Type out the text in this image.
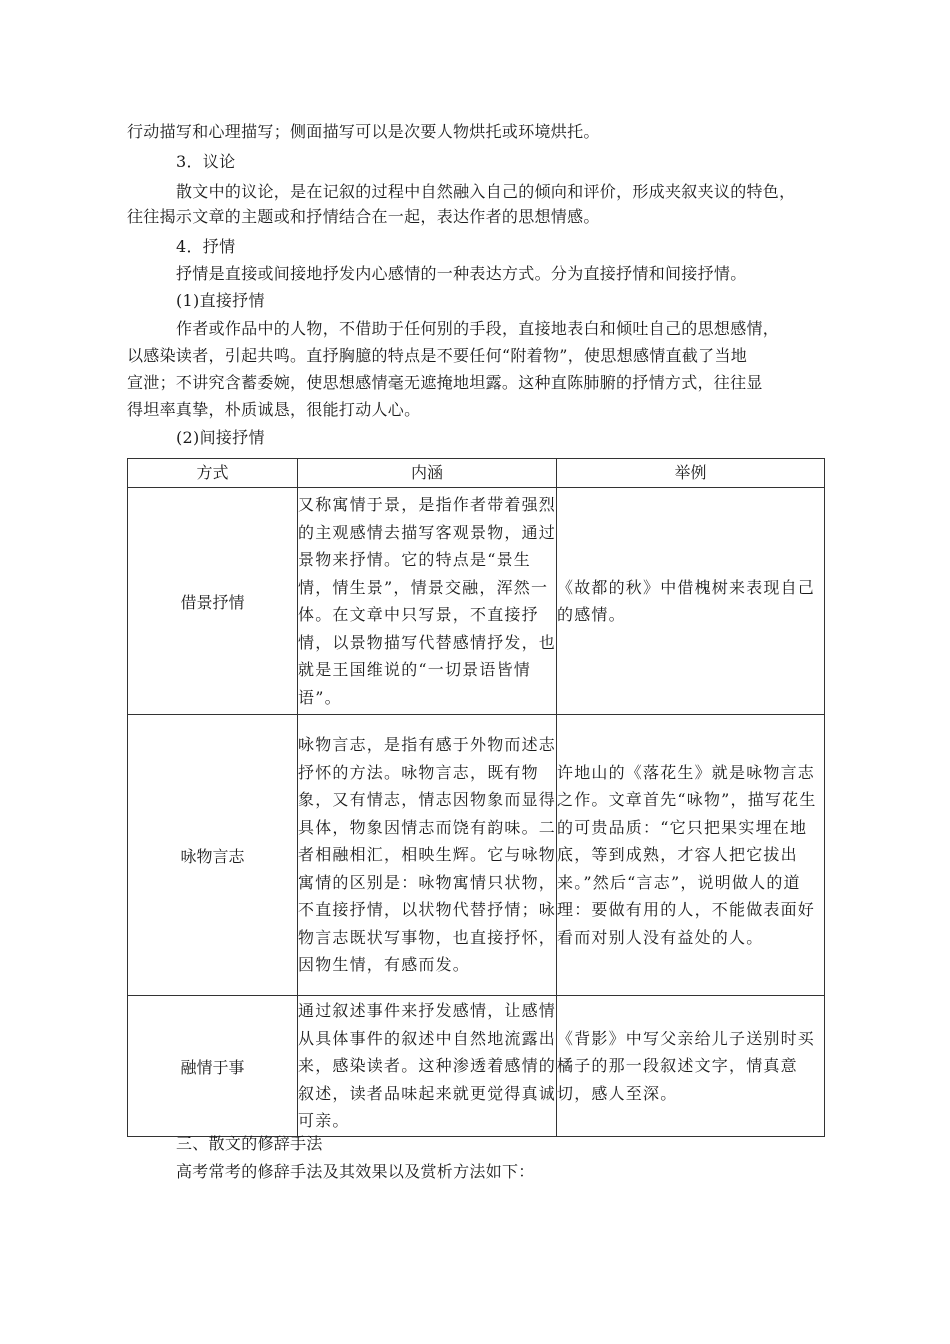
行动描写和心理描写；侧面描写可以是次要人物烘托或环境烘托。
3．议论
散文中的议论，是在记叙的过程中自然融入自己的倾向和评价，形成夹叙夹议的特色，
往往揭示文章的主题或和抒情结合在一起，表达作者的思想情感。
4．抒情
抒情是直接或间接地抒发内心感情的一种表达方式。分为直接抒情和间接抒情。
(1)直接抒情
作者或作品中的人物，不借助于任何别的手段，直接地表白和倾吐自己的思想感情，
以感染读者，引起共鸣。直抒胸臆的特点是不要任何“附着物”，使思想感情直截了当地
宣泄；不讲究含蓄委婉，使思想感情毫无遮掩地坦露。这种直陈肺腑的抒情方式，往往显
得坦率真挚，朴质诚恳，很能打动人心。
(2)间接抒情
方式	内涵	举例
借景抒情	又称寓情于景，是指作者带着强烈的主观感情去描写客观景物，通过景物来抒情。它的特点是“景生情，情生景”，情景交融，浑然一体。在文章中只写景，不直接抒情，以景物描写代替感情抒发，也就是王国维说的“一切景语皆情语”。	《故都的秋》中借槐树来表现自己的感情。
咏物言志	咏物言志，是指有感于外物而述志抒怀的方法。咏物言志，既有物象，又有情志，情志因物象而显得具体，物象因情志而饶有韵味。二者相融相汇，相映生辉。它与咏物寓情的区别是：咏物寓情只状物，不直接抒情，以状物代替抒情；咏物言志既状写事物，也直接抒怀，因物生情，有感而发。	许地山的《落花生》就是咏物言志之作。文章首先“咏物”，描写花生的可贵品质：“它只把果实埋在地底，等到成熟，才容人把它拔出来。”然后“言志”，说明做人的道理：要做有用的人，不能做表面好看而对别人没有益处的人。
融情于事	通过叙述事件来抒发感情，让感情从具体事件的叙述中自然地流露出来，感染读者。这种渗透着感情的叙述，读者品味起来就更觉得真诚可亲。	《背影》中写父亲给儿子送别时买橘子的那一段叙述文字，情真意切，感人至深。
三、散文的修辞手法
高考常考的修辞手法及其效果以及赏析方法如下：
